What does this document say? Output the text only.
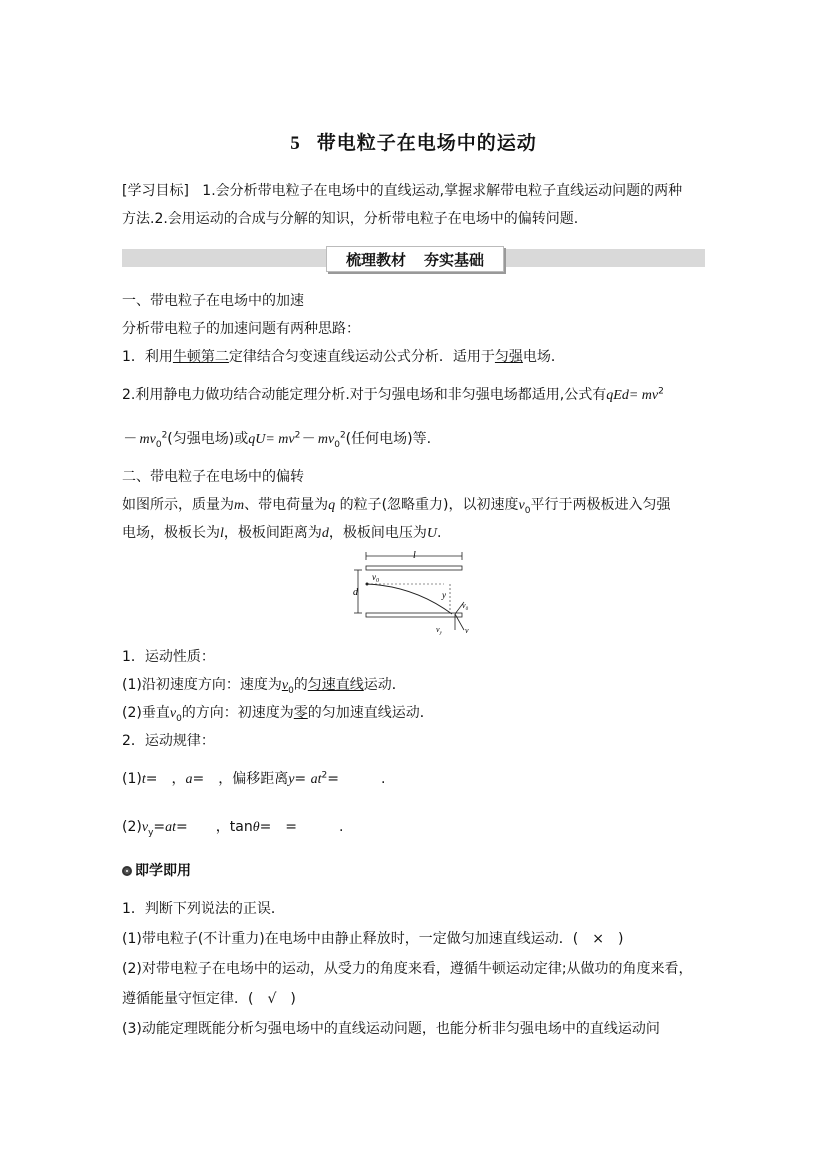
5 带电粒子在电场中的运动
[学习目标] 1.会分析带电粒子在电场中的直线运动,掌握求解带电粒子直线运动问题的两种
方法.2.会用运动的合成与分解的知识，分析带电粒子在电场中的偏转问题.
梳理教材 夯实基础
一、带电粒子在电场中的加速
分析带电粒子的加速问题有两种思路：
1．利用牛顿第二定律结合匀变速直线运动公式分析．适用于匀强电场．
2.利用静电力做功结合动能定理分析.对于匀强电场和非匀强电场都适用,公式有$qEd= mv^2$
－ $mv_0^2$(匀强电场)或$qU= mv^2- mv_0^2$(任何电场)等.
二、带电粒子在电场中的偏转
如图所示，质量为m、带电荷量为q 的粒子(忽略重力)，以初速度$v_0$平行于两极板进入匀强
电场，极板长为l，极板间距离为d，极板间电压为U.
l
d
$v_0$
y
$v_0$
$v_y$	v
1．运动性质：
(1)沿初速度方向：速度为$v_0$的匀速直线运动．
(2)垂直$v_0$的方向：初速度为零的匀加速直线运动．
2．运动规律：
(1)t=　，a=　，偏移距离$y= at^2=$　　　.
$(2)v_y=at=$　　，tanθ=　=　　　.
即学即用
1．判断下列说法的正误．
(1)带电粒子(不计重力)在电场中由静止释放时，一定做匀加速直线运动．(　×　)
(2)对带电粒子在电场中的运动，从受力的角度来看，遵循牛顿运动定律;从做功的角度来看，
遵循能量守恒定律．(　√　)
(3)动能定理既能分析匀强电场中的直线运动问题，也能分析非匀强电场中的直线运动问
